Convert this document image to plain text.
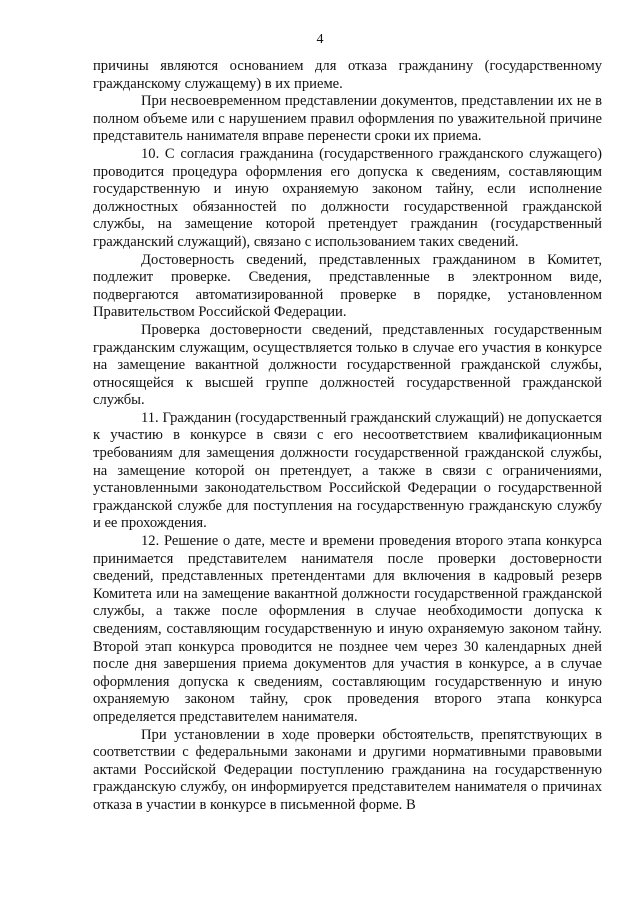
4

причины являются основанием для отказа гражданину (государственному гражданскому служащему) в их приеме.

При несвоевременном представлении документов, представлении их не в полном объеме или с нарушением правил оформления по уважительной причине представитель нанимателя вправе перенести сроки их приема.

10. С согласия гражданина (государственного гражданского служащего) проводится процедура оформления его допуска к сведениям, составляющим государственную и иную охраняемую законом тайну, если исполнение должностных обязанностей по должности государственной гражданской службы, на замещение которой претендует гражданин (государственный гражданский служащий), связано с использованием таких сведений.

Достоверность сведений, представленных гражданином в Комитет, подлежит проверке. Сведения, представленные в электронном виде, подвергаются автоматизированной проверке в порядке, установленном Правительством Российской Федерации.

Проверка достоверности сведений, представленных государственным гражданским служащим, осуществляется только в случае его участия в конкурсе на замещение вакантной должности государственной гражданской службы, относящейся к высшей группе должностей государственной гражданской службы.

11. Гражданин (государственный гражданский служащий) не допускается к участию в конкурсе в связи с его несоответствием квалификационным требованиям для замещения должности государственной гражданской службы, на замещение которой он претендует, а также в связи с ограничениями, установленными законодательством Российской Федерации о государственной гражданской службе для поступления на государственную гражданскую службу и ее прохождения.

12. Решение о дате, месте и времени проведения второго этапа конкурса принимается представителем нанимателя после проверки достоверности сведений, представленных претендентами для включения в кадровый резерв Комитета или на замещение вакантной должности государственной гражданской службы, а также после оформления в случае необходимости допуска к сведениям, составляющим государственную и иную охраняемую законом тайну. Второй этап конкурса проводится не позднее чем через 30 календарных дней после дня завершения приема документов для участия в конкурсе, а в случае оформления допуска к сведениям, составляющим государственную и иную охраняемую законом тайну, срок проведения второго этапа конкурса определяется представителем нанимателя.

При установлении в ходе проверки обстоятельств, препятствующих в соответствии с федеральными законами и другими нормативными правовыми актами Российской Федерации поступлению гражданина на государственную гражданскую службу, он информируется представителем нанимателя о причинах отказа в участии в конкурсе в письменной форме. В
